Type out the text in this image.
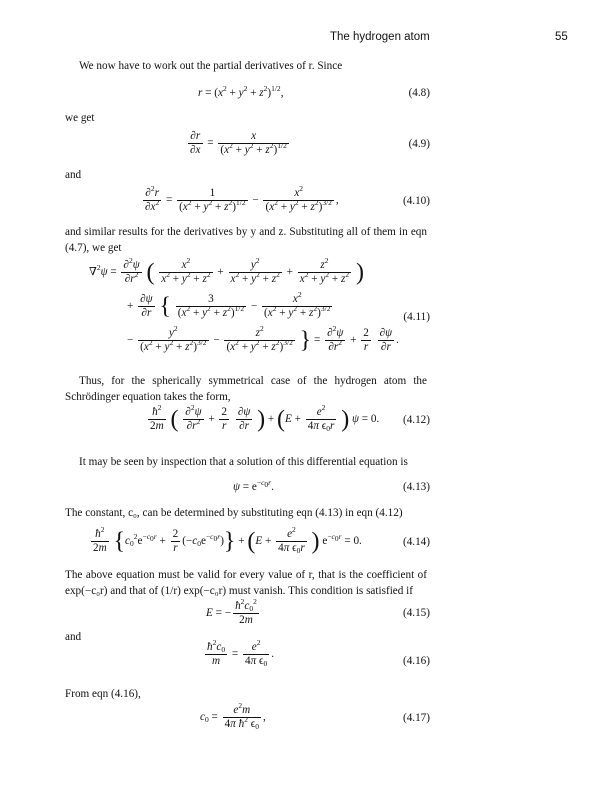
The hydrogen atom	55
We now have to work out the partial derivatives of r. Since
$r = (x^2 + y^2 + z^2)^{1/2}$,	(4.8)
we get
$\frac{\partial r}{\partial x} = \frac{x}{(x^2 + y^2 + z^2)^{1/2}}$	(4.9)
and
$\frac{\partial^2r}{\partial x^2} = \frac{1}{(x^2 + y^2 + z^2)^{1/2}} - \frac{x^2}{(x^2 + y^2 + z^2)^{3/2}}$ ,	(4.10)
and similar results for the derivatives by y and z. Substituting all of them in eqn (4.7), we get
$\nabla^2\psi = \frac{\partial^2\psi}{\partial r^2}$ ( $\frac{x^2}{x^2 + y^2 + z^2} + \frac{y^2}{x^2 + y^2 + z^2} + \frac{z^2}{x^2 + y^2 + z^2}$ )
+ $\frac{\partial\psi}{\partial r}$ { $\frac{3}{(x^2 + y^2 + z^2)^{1/2}} - \frac{x^2}{(x^2 + y^2 + z^2)^{3/2}}$
− $\frac{y^2}{(x^2 + y^2 + z^2)^{3/2}} - \frac{z^2}{(x^2 + y^2 + z^2)^{3/2}}$ } = $\frac{\partial^2\psi}{\partial r^2} + \frac{2}{r}$
$\frac{\partial\psi}{\partial r}$ .
(4.11)
Thus, for the spherically symmetrical case of the hydrogen atom the Schrödinger equation takes the form,
$\frac{ħ^2}{2m}$ ( $\frac{\partial^2\psi}{\partial r^2} + \frac{2}{r}$
$\frac{\partial\psi}{\partial r}$ ) + ($E + \frac{e^2}{4\pi \epsilon_0r}$ ) ψ = 0.	(4.12)
It may be seen by inspection that a solution of this differential equation is
$\psi = e^{-c_0r}$.	(4.13)
The constant, c₀, can be determined by substituting eqn (4.13) in eqn (4.12)
$\frac{ħ^2}{2m} \{c_0^2e^{-c_0r} + \frac{2}{r} (-c_0e^{-c_0r})\} + (E + \frac{e^2}{4\pi \epsilon_0r}$ ) $e^{-c_0r} = 0$.	(4.14)
The above equation must be valid for every value of r, that is the coefficient of exp(−c₀r) and that of (1/r) exp(−c₀r) must vanish. This condition is satisfied if
E = − $\frac{ħ^2c_0^2}{2m}$	(4.15)
and
$\frac{ħ^2c_0}{m} = \frac{e^2}{4\pi \epsilon_0}$ .
(4.16)
From eqn (4.16),
$c_0 = \frac{e^2m}{4\pi ħ^2 \epsilon_0}$ ,	(4.17)
